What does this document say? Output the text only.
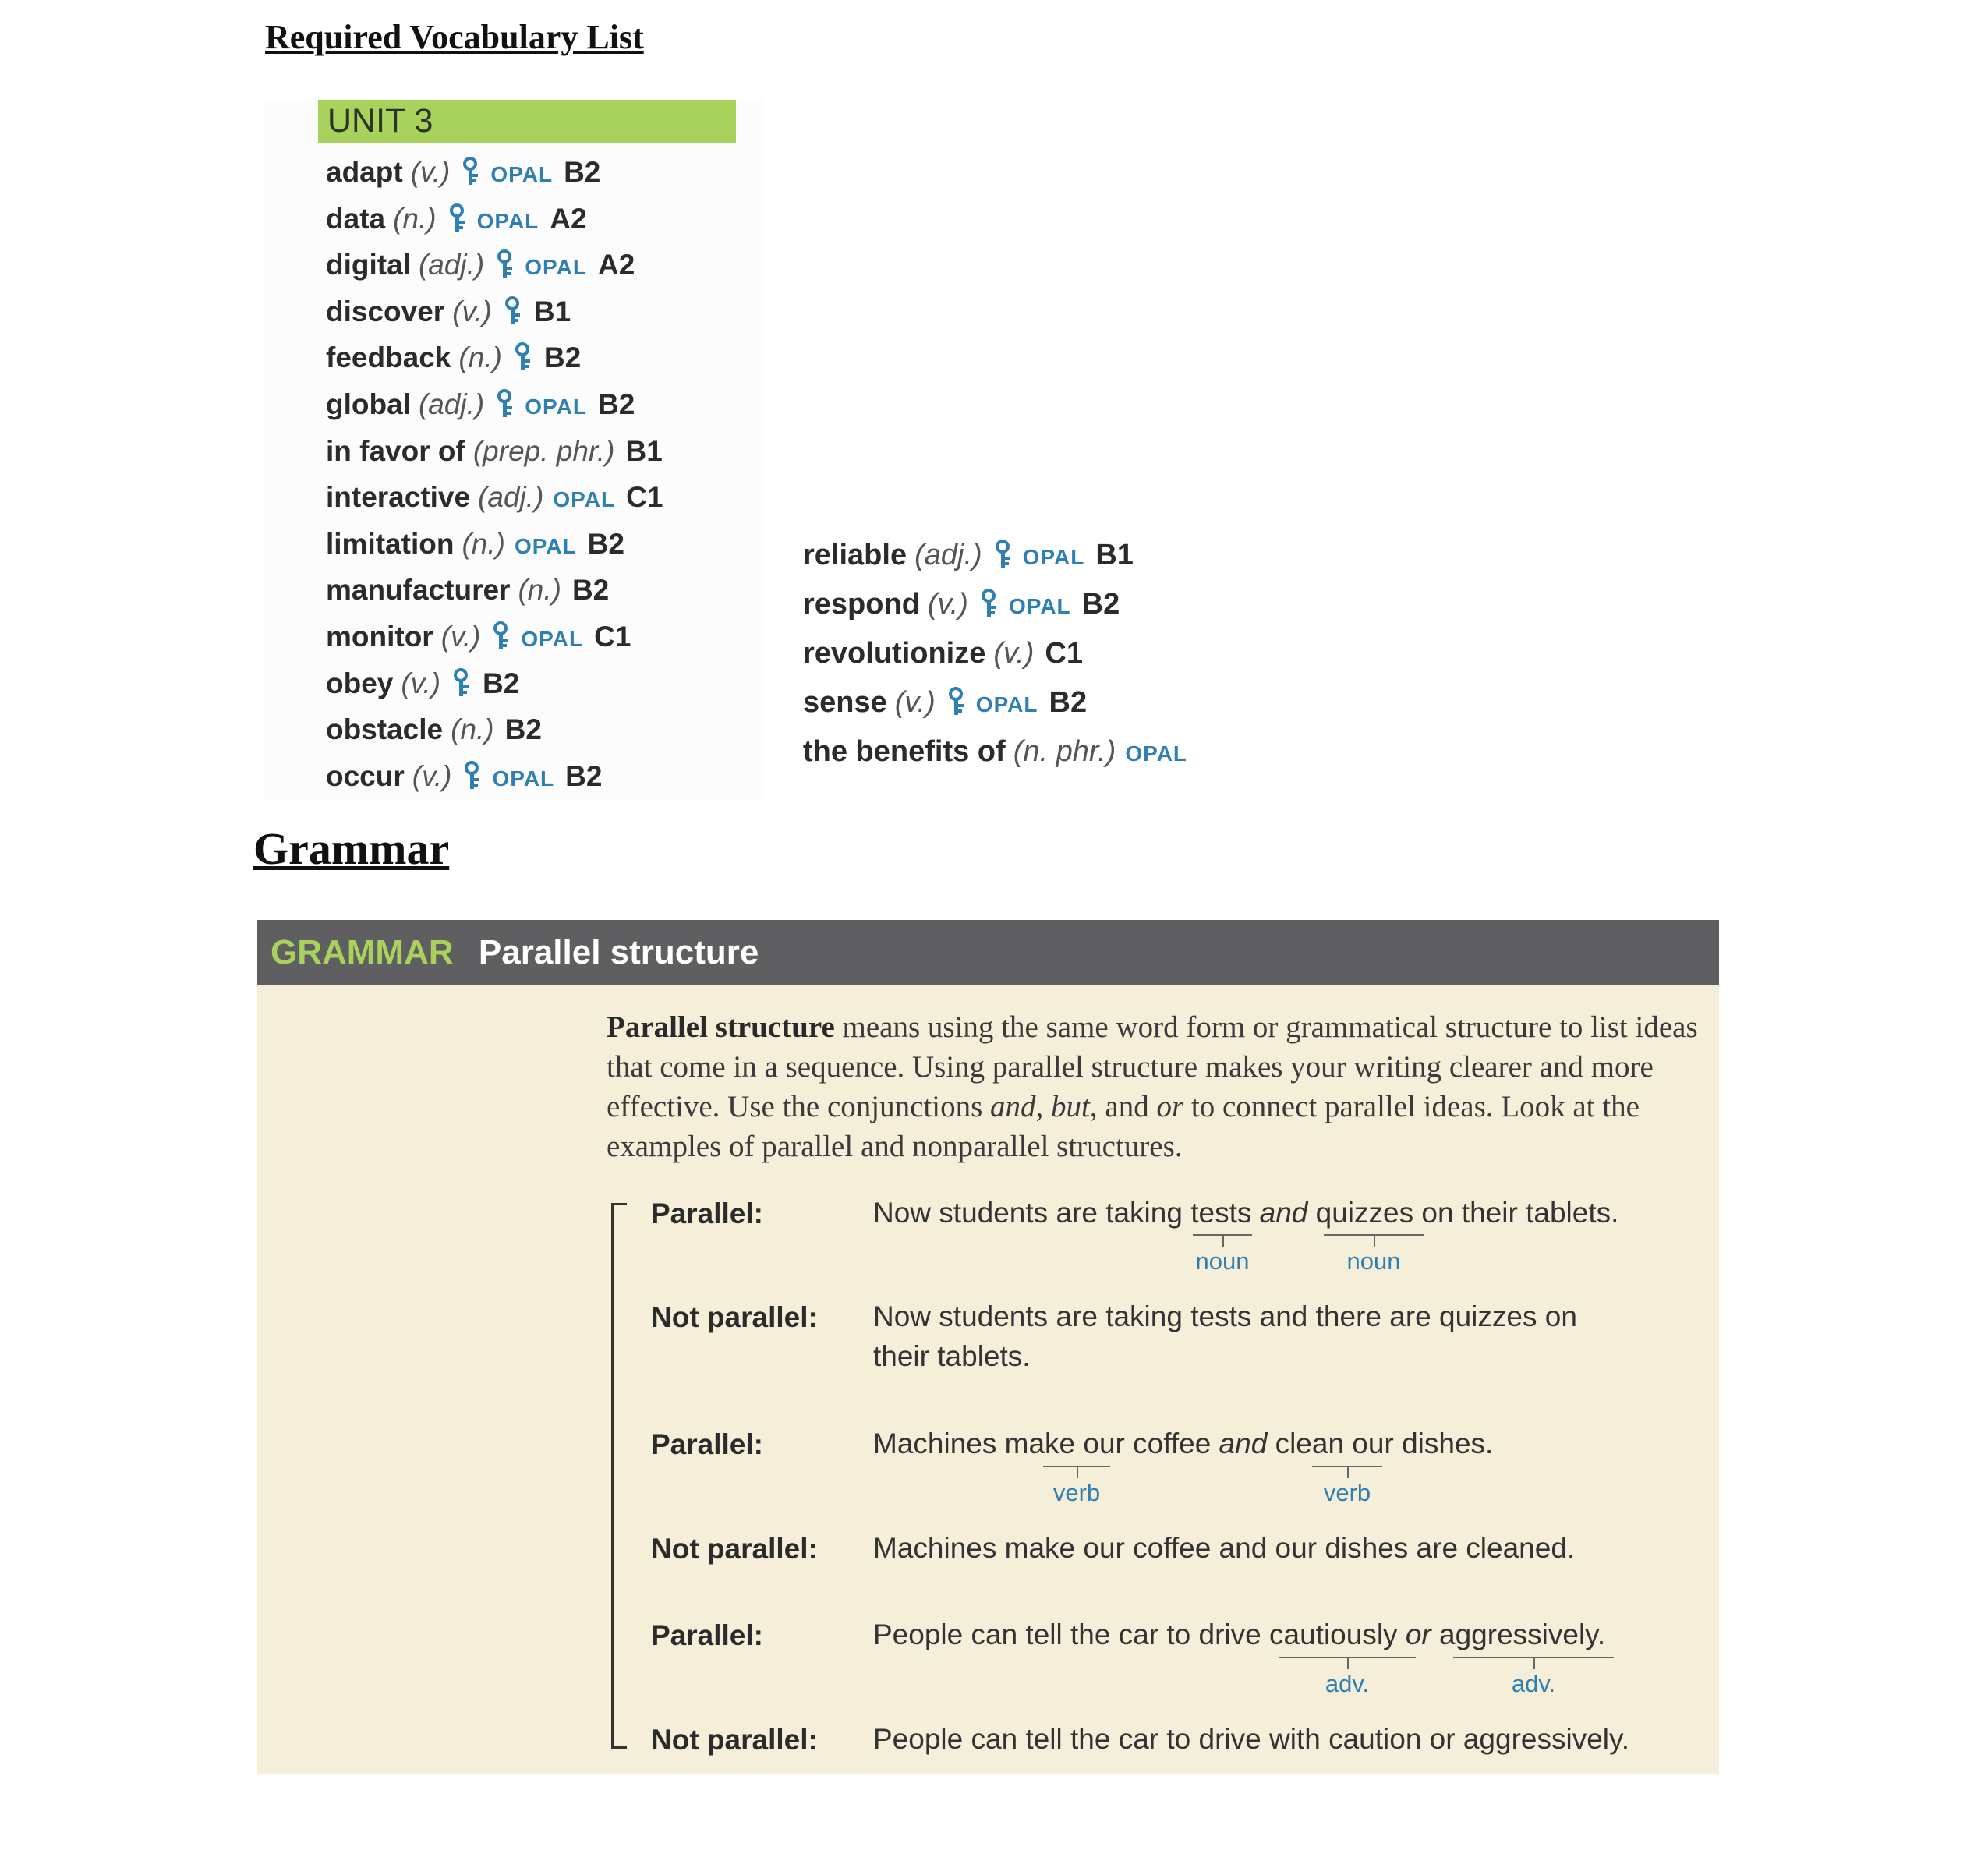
Required Vocabulary List
UNIT 3
adapt (v.) OPAL B2
data (n.) OPAL A2
digital (adj.) OPAL A2
discover (v.) B1
feedback (n.) B2
global (adj.) OPAL B2
in favor of (prep. phr.) B1
interactive (adj.) OPAL C1
limitation (n.) OPAL B2
manufacturer (n.) B2
monitor (v.) OPAL C1
obey (v.) B2
obstacle (n.) B2
occur (v.) OPAL B2
reliable (adj.) OPAL B1
respond (v.) OPAL B2
revolutionize (v.) C1
sense (v.) OPAL B2
the benefits of (n. phr.) OPAL
Grammar
GRAMMAR Parallel structure

Parallel structure means using the same word form or grammatical structure to list ideas that come in a sequence. Using parallel structure makes your writing clearer and more effective. Use the conjunctions and, but, and or to connect parallel ideas. Look at the examples of parallel and nonparallel structures.

Parallel:	Now students are taking tests and quizzes on their tablets.
noun	noun
Not parallel: Now students are taking tests and there are quizzes on their tablets.
Parallel:	Machines make our coffee and clean our dishes.
verb	verb
Not parallel: Machines make our coffee and our dishes are cleaned.
Parallel:	People can tell the car to drive cautiously or aggressively.
adv.	adv.
Not parallel: People can tell the car to drive with caution or aggressively.
